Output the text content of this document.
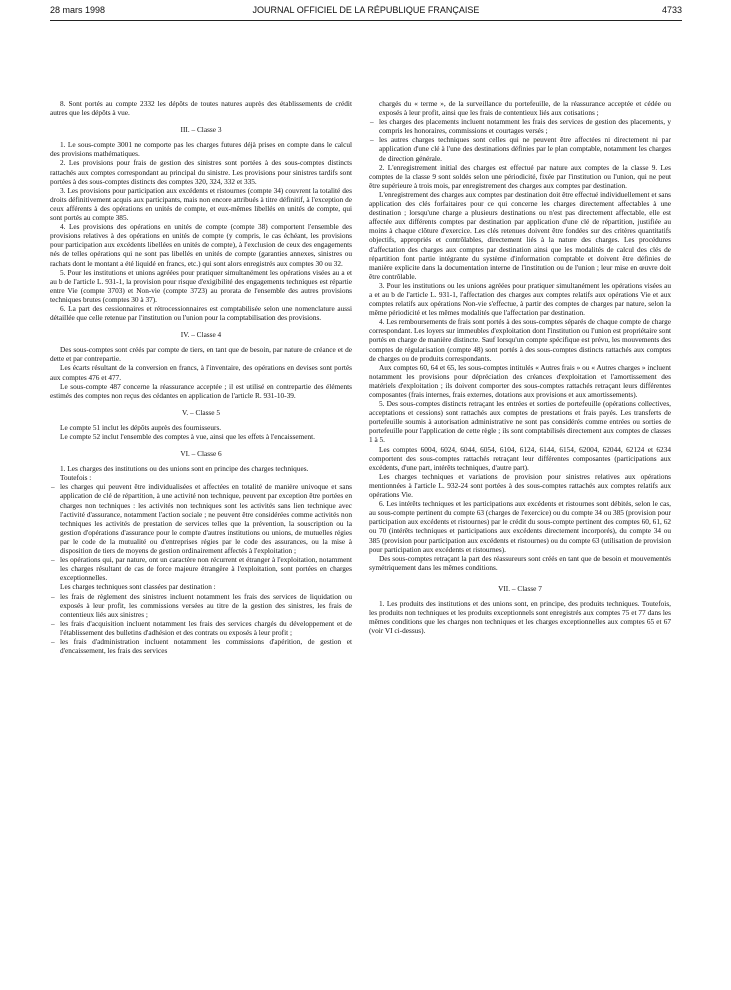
28 mars 1998	JOURNAL OFFICIEL DE LA RÉPUBLIQUE FRANÇAISE	4733

8. Sont portés au compte 2332 les dépôts de toutes natures auprès des établissements de crédit autres que les dépôts à vue.

III. – Classe 3

1. Le sous-compte 3001 ne comporte pas les charges futures déjà prises en compte dans le calcul des provisions mathématiques.

2. Les provisions pour frais de gestion des sinistres sont portées à des sous-comptes distincts rattachés aux comptes correspondant au principal du sinistre. Les provisions pour sinistres tardifs sont portées à des sous-comptes distincts des comptes 320, 324, 332 et 335.

3. Les provisions pour participation aux excédents et ristournes (compte 34) couvrent la totalité des droits définitivement acquis aux participants, mais non encore attribués à titre définitif, à l'exception de ceux afférents à des opérations en unités de compte, et eux-mêmes libellés en unités de compte, qui sont portés au compte 385.

4. Les provisions des opérations en unités de compte (compte 38) comportent l'ensemble des provisions relatives à des opérations en unités de compte (y compris, le cas échéant, les provisions pour participation aux excédents libellées en unités de compte), à l'exclusion de ceux des engagements nés de telles opérations qui ne sont pas libellés en unités de compte (garanties annexes, sinistres ou rachats dont le montant a été liquidé en francs, etc.) qui sont alors enregistrés aux comptes 30 ou 32.

5. Pour les institutions et unions agréées pour pratiquer simultanément les opérations visées au a et au b de l'article L. 931-1, la provision pour risque d'exigibilité des engagements techniques est répartie entre Vie (compte 3703) et Non-vie (compte 3723) au prorata de l'ensemble des autres provisions techniques brutes (comptes 30 à 37).

6. La part des cessionnaires et rétrocessionnaires est comptabilisée selon une nomenclature aussi détaillée que celle retenue par l'institution ou l'union pour la comptabilisation des provisions.

IV. – Classe 4

Des sous-comptes sont créés par compte de tiers, en tant que de besoin, par nature de créance et de dette et par contrepartie.

Les écarts résultant de la conversion en francs, à l'inventaire, des opérations en devises sont portés aux comptes 476 et 477.

Le sous-compte 487 concerne la réassurance acceptée ; il est utilisé en contrepartie des éléments estimés des comptes non reçus des cédantes en application de l'article R. 931-10-39.

V. – Classe 5

Le compte 51 inclut les dépôts auprès des fournisseurs.

Le compte 52 inclut l'ensemble des comptes à vue, ainsi que les effets à l'encaissement.

VI. – Classe 6

1. Les charges des institutions ou des unions sont en principe des charges techniques.

Toutefois :

– les charges qui peuvent être individualisées et affectées en totalité de manière univoque et sans application de clé de répartition, à une activité non technique, peuvent par exception être portées en charges non techniques : les activités non techniques sont les activités sans lien technique avec l'activité d'assurance, notamment l'action sociale ; ne peuvent être considérées comme activités non techniques les activités de prestation de services telles que la prévention, la souscription ou la gestion d'opérations d'assurance pour le compte d'autres institutions ou unions, de mutuelles régies par le code de la mutualité ou d'entreprises régies par le code des assurances, ou la mise à disposition de tiers de moyens de gestion ordinairement affectés à l'exploitation ;
– les opérations qui, par nature, ont un caractère non récurrent et étranger à l'exploitation, notamment les charges résultant de cas de force majeure étrangère à l'exploitation, sont portées en charges exceptionnelles.

Les charges techniques sont classées par destination :

– les frais de règlement des sinistres incluent notamment les frais des services de liquidation ou exposés à leur profit, les commissions versées au titre de la gestion des sinistres, les frais de contentieux liés aux sinistres ;
– les frais d'acquisition incluent notamment les frais des services chargés du développement et de l'établissement des bulletins d'adhésion et des contrats ou exposés à leur profit ;
– les frais d'administration incluent notamment les commissions d'apérition, de gestion et d'encaissement, les frais des services

chargés du « terme », de la surveillance du portefeuille, de la réassurance acceptée et cédée ou exposés à leur profit, ainsi que les frais de contentieux liés aux cotisations ;

– les charges des placements incluent notamment les frais des services de gestion des placements, y compris les honoraires, commissions et courtages versés ;
– les autres charges techniques sont celles qui ne peuvent être affectées ni directement ni par application d'une clé à l'une des destinations définies par le plan comptable, notamment les charges de direction générale.

2. L'enregistrement initial des charges est effectué par nature aux comptes de la classe 9. Les comptes de la classe 9 sont soldés selon une périodicité, fixée par l'institution ou l'union, qui ne peut être supérieure à trois mois, par enregistrement des charges aux comptes par destination.

L'enregistrement des charges aux comptes par destination doit être effectué individuellement et sans application des clés forfaitaires pour ce qui concerne les charges directement affectables à une destination ; lorsqu'une charge a plusieurs destinations ou n'est pas directement affectable, elle est affectée aux différents comptes par destination par application d'une clé de répartition, justifiée au moins à chaque clôture d'exercice. Les clés retenues doivent être fondées sur des critères quantitatifs objectifs, appropriés et contrôlables, directement liés à la nature des charges. Les procédures d'affectation des charges aux comptes par destination ainsi que les modalités de calcul des clés de répartition font partie intégrante du système d'information comptable et doivent être définies de manière explicite dans la documentation interne de l'institution ou de l'union ; leur mise en œuvre doit être contrôlable.

3. Pour les institutions ou les unions agréées pour pratiquer simultanément les opérations visées au a et au b de l'article L. 931-1, l'affectation des charges aux comptes relatifs aux opérations Vie et aux comptes relatifs aux opérations Non-vie s'effectue, à partir des comptes de charges par nature, selon la même périodicité et les mêmes modalités que l'affectation par destination.

4. Les remboursements de frais sont portés à des sous-comptes séparés de chaque compte de charge correspondant. Les loyers sur immeubles d'exploitation dont l'institution ou l'union est propriétaire sont portés en charge de manière distincte. Sauf lorsqu'un compte spécifique est prévu, les mouvements des comptes de régularisation (compte 48) sont portés à des sous-comptes distincts rattachés aux comptes de charges ou de produits correspondants.

Aux comptes 60, 64 et 65, les sous-comptes intitulés « Autres frais » ou « Autres charges » incluent notamment les provisions pour dépréciation des créances d'exploitation et l'amortissement des matériels d'exploitation ; ils doivent comporter des sous-comptes rattachés retraçant leurs différentes composantes (frais internes, frais externes, dotations aux provisions et aux amortissements).

5. Des sous-comptes distincts retraçant les entrées et sorties de portefeuille (opérations collectives, acceptations et cessions) sont rattachés aux comptes de prestations et frais payés. Les transferts de portefeuille soumis à autorisation administrative ne sont pas considérés comme entrées ou sorties de portefeuille pour l'application de cette règle ; ils sont comptabilisés directement aux comptes de classes 1 à 5.

Les comptes 6004, 6024, 6044, 6054, 6104, 6124, 6144, 6154, 62004, 62044, 62124 et 6234 comportent des sous-comptes rattachés retraçant leur différentes composantes (participations aux excédents, d'une part, intérêts techniques, d'autre part).

Les charges techniques et variations de provision pour sinistres relatives aux opérations mentionnées à l'article L. 932-24 sont portées à des sous-comptes rattachés aux comptes relatifs aux opérations Vie.

6. Les intérêts techniques et les participations aux excédents et ristournes sont débités, selon le cas, au sous-compte pertinent du compte 63 (charges de l'exercice) ou du compte 34 ou 385 (provision pour participation aux excédents et ristournes) par le crédit du sous-compte pertinent des comptes 60, 61, 62 ou 70 (intérêts techniques et participations aux excédents directement incorporés), du compte 34 ou 385 (provision pour participation aux excédents et ristournes) ou du compte 63 (utilisation de provision pour participation aux excédents et ristournes).

Des sous-comptes retraçant la part des réassureurs sont créés en tant que de besoin et mouvementés symétriquement dans les mêmes conditions.

VII. – Classe 7

1. Les produits des institutions et des unions sont, en principe, des produits techniques. Toutefois, les produits non techniques et les produits exceptionnels sont enregistrés aux comptes 75 et 77 dans les mêmes conditions que les charges non techniques et les charges exceptionnelles aux comptes 65 et 67 (voir VI ci-dessus).
